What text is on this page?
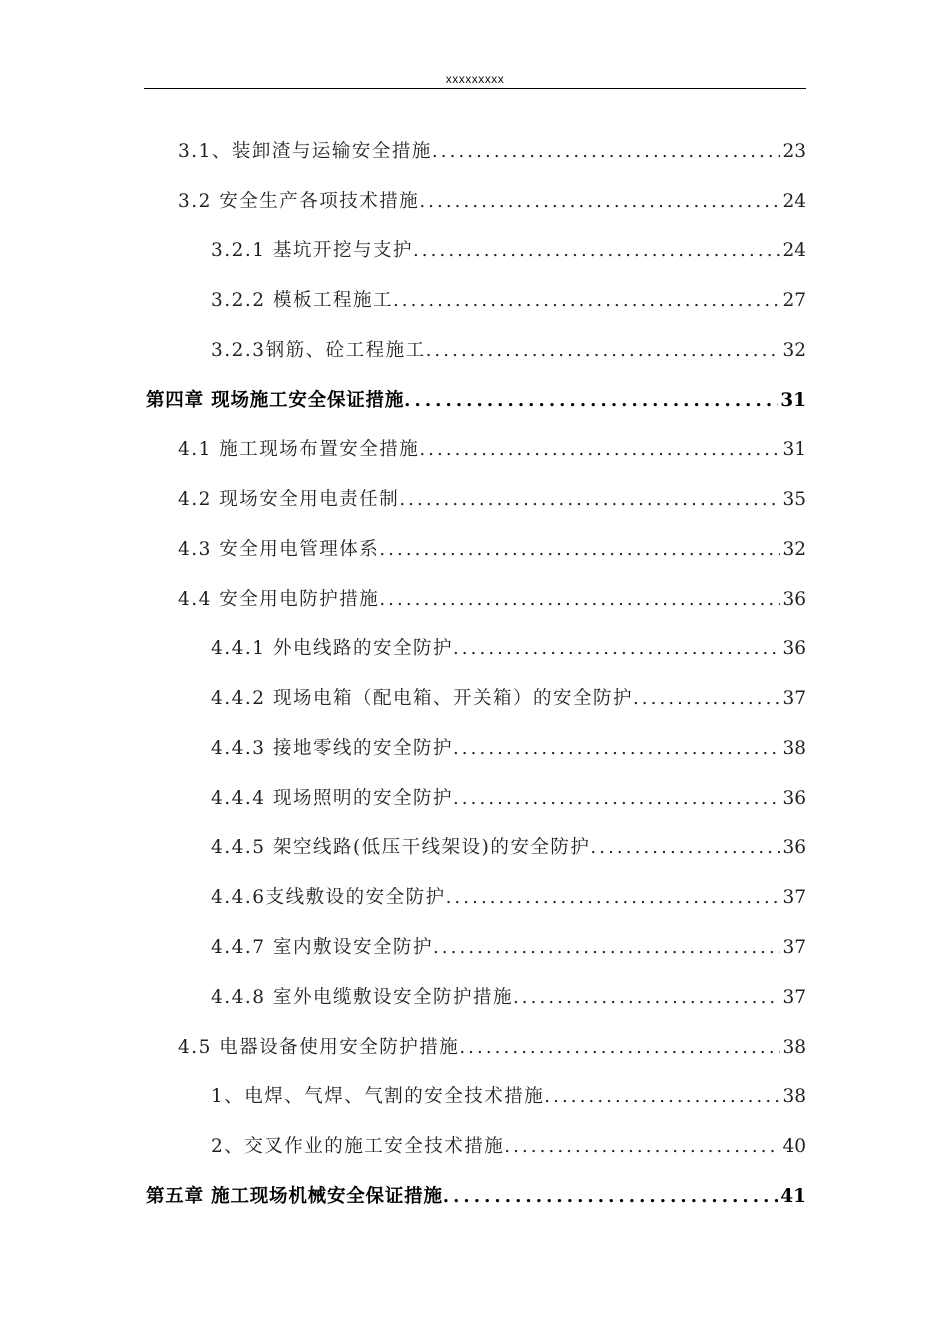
xxxxxxxxx
3.1、装卸渣与运输安全措施 . . .	23
3.2 安全生产各项技术措施 . . .	24
3.2.1 基坑开挖与支护 . . .	24
3.2.2 模板工程施工 . . .	27
3.2.3钢筋、砼工程施工 . . .	32
第四章 现场施工安全保证措施 . . .	31
4.1 施工现场布置安全措施 . . .	31
4.2 现场安全用电责任制 . . .	35
4.3 安全用电管理体系 . . .	32
4.4 安全用电防护措施 . . .	36
4.4.1 外电线路的安全防护 . . .	36
4.4.2 现场电箱（配电箱、开关箱）的安全防护 . . .	37
4.4.3 接地零线的安全防护 . . .	38
4.4.4 现场照明的安全防护 . . .	36
4.4.5 架空线路(低压干线架设)的安全防护 . . .	36
4.4.6支线敷设的安全防护 . . .	37
4.4.7 室内敷设安全防护 . . .	37
4.4.8 室外电缆敷设安全防护措施 . . .	37
4.5 电器设备使用安全防护措施 . . .	38
1、电焊、气焊、气割的安全技术措施 . . .	38
2、交叉作业的施工安全技术措施 . . .	40
第五章 施工现场机械安全保证措施 . . .	41
